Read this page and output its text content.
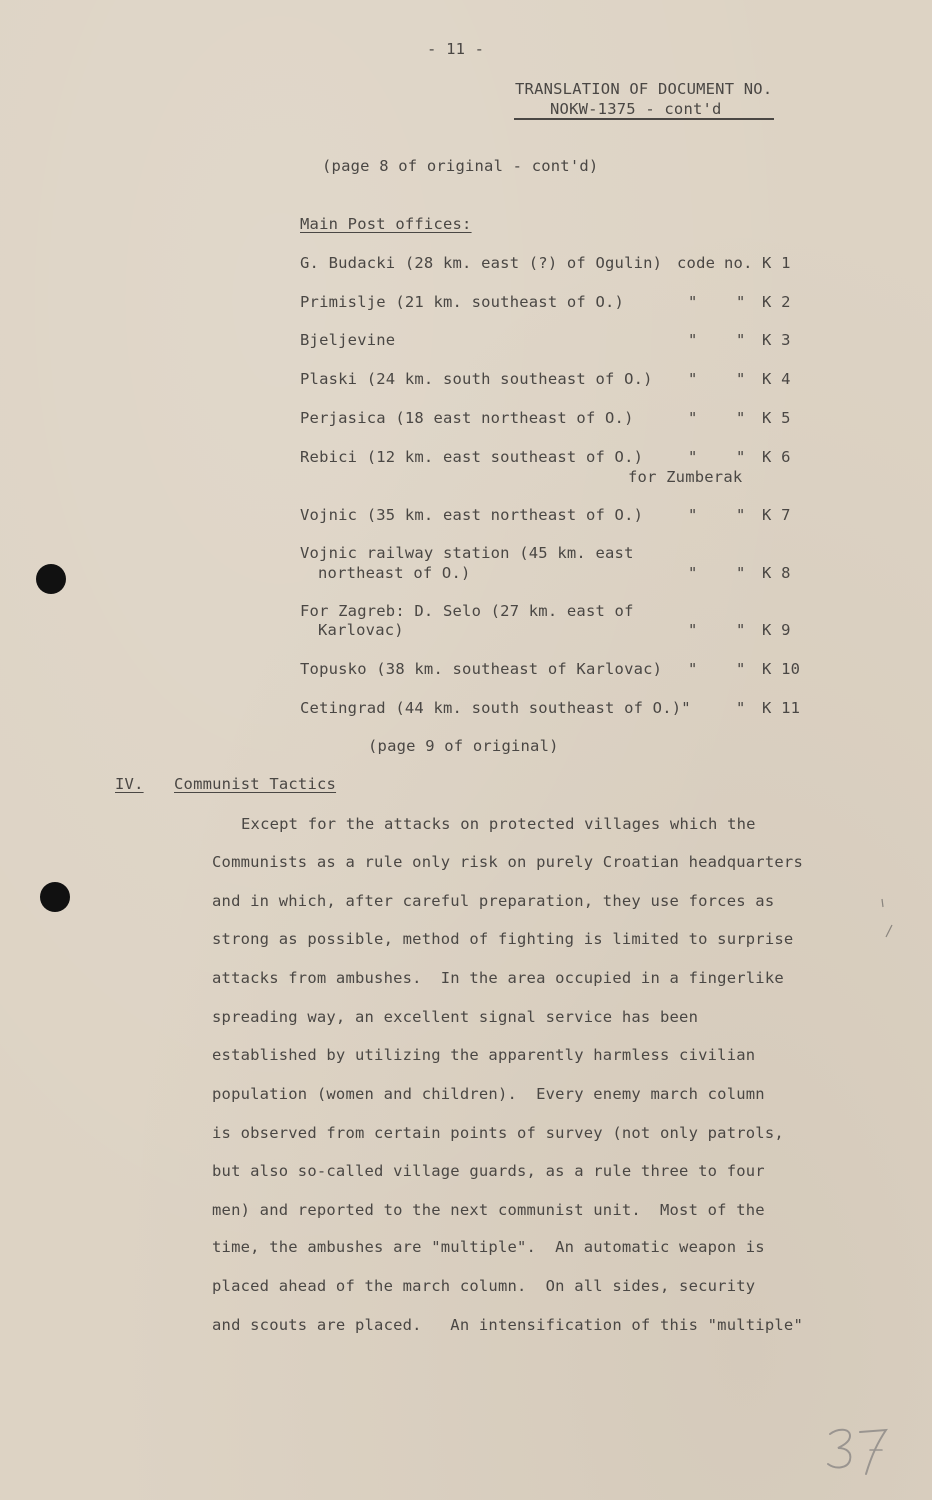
- 11 -
TRANSLATION OF DOCUMENT NO.
NOKW-1375 - cont'd
(page 8 of original - cont'd)
Main Post offices:
G. Budacki (28 km. east (?) of Ogulin) code no. K 1
Primislje (21 km. southeast of O.)	" " K 2
Bjeljevine	" " K 3
Plaski (24 km. south southeast of O.) " " K 4
Perjasica (18 east northeast of O.)	" " K 5
Rebici (12 km. east southeast of O.)	" " K 6
for Zumberak
Vojnic (35 km. east northeast of O.)	" " K 7
Vojnic railway station (45 km. east
northeast of O.)	" " K 8
For Zagreb: D. Selo (27 km. east of
Karlovac)	" " K 9
Topusko (38 km. southeast of Karlovac) " " K 10
Cetingrad (44 km. south southeast of O.)"	" K 11
(page 9 of original)
IV. Communist Tactics
Except for the attacks on protected villages which the
Communists as a rule only risk on purely Croatian headquarters
and in which, after careful preparation, they use forces as
strong as possible, method of fighting is limited to surprise
attacks from ambushes.  In the area occupied in a fingerlike
spreading way, an excellent signal service has been
established by utilizing the apparently harmless civilian
population (women and children).  Every enemy march column
is observed from certain points of survey (not only patrols,
but also so-called village guards, as a rule three to four
men) and reported to the next communist unit.  Most of the
time, the ambushes are "multiple".  An automatic weapon is
placed ahead of the march column.  On all sides, security
and scouts are placed.   An intensification of this "multiple"
